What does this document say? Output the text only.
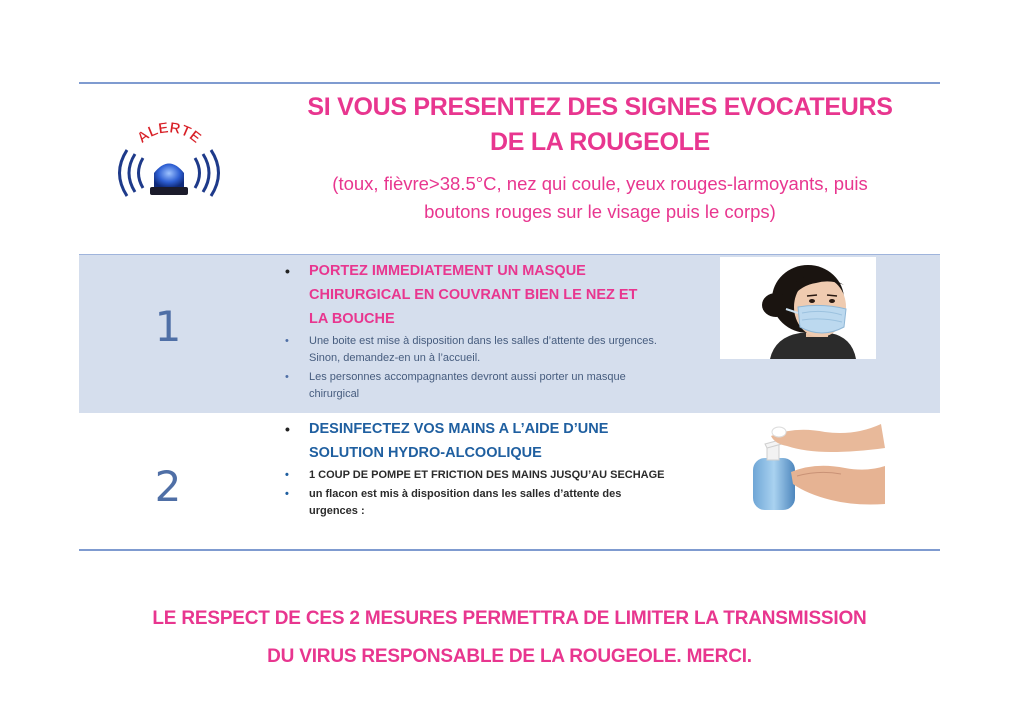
ALERTE
SI VOUS PRESENTEZ DES SIGNES EVOCATEURS
DE LA ROUGEOLE
(toux, fièvre>38.5°C, nez qui coule, yeux rouges-larmoyants, puis
boutons rouges sur le visage puis le corps)
1
• PORTEZ IMMEDIATEMENT UN MASQUE CHIRURGICAL EN COUVRANT BIEN LE NEZ ET LA BOUCHE
• Une boite est mise à disposition dans les salles d’attente des urgences. Sinon, demandez-en un à l’accueil.
• Les personnes accompagnantes devront aussi porter un masque chirurgical
2
• DESINFECTEZ VOS MAINS A L’AIDE D’UNE SOLUTION HYDRO-ALCOOLIQUE
• 1 COUP DE POMPE ET FRICTION DES MAINS JUSQU’AU SECHAGE
• un flacon est mis à disposition dans les salles d’attente des urgences :
LE RESPECT DE CES 2 MESURES PERMETTRA DE LIMITER LA TRANSMISSION
DU VIRUS RESPONSABLE DE LA ROUGEOLE. MERCI.
